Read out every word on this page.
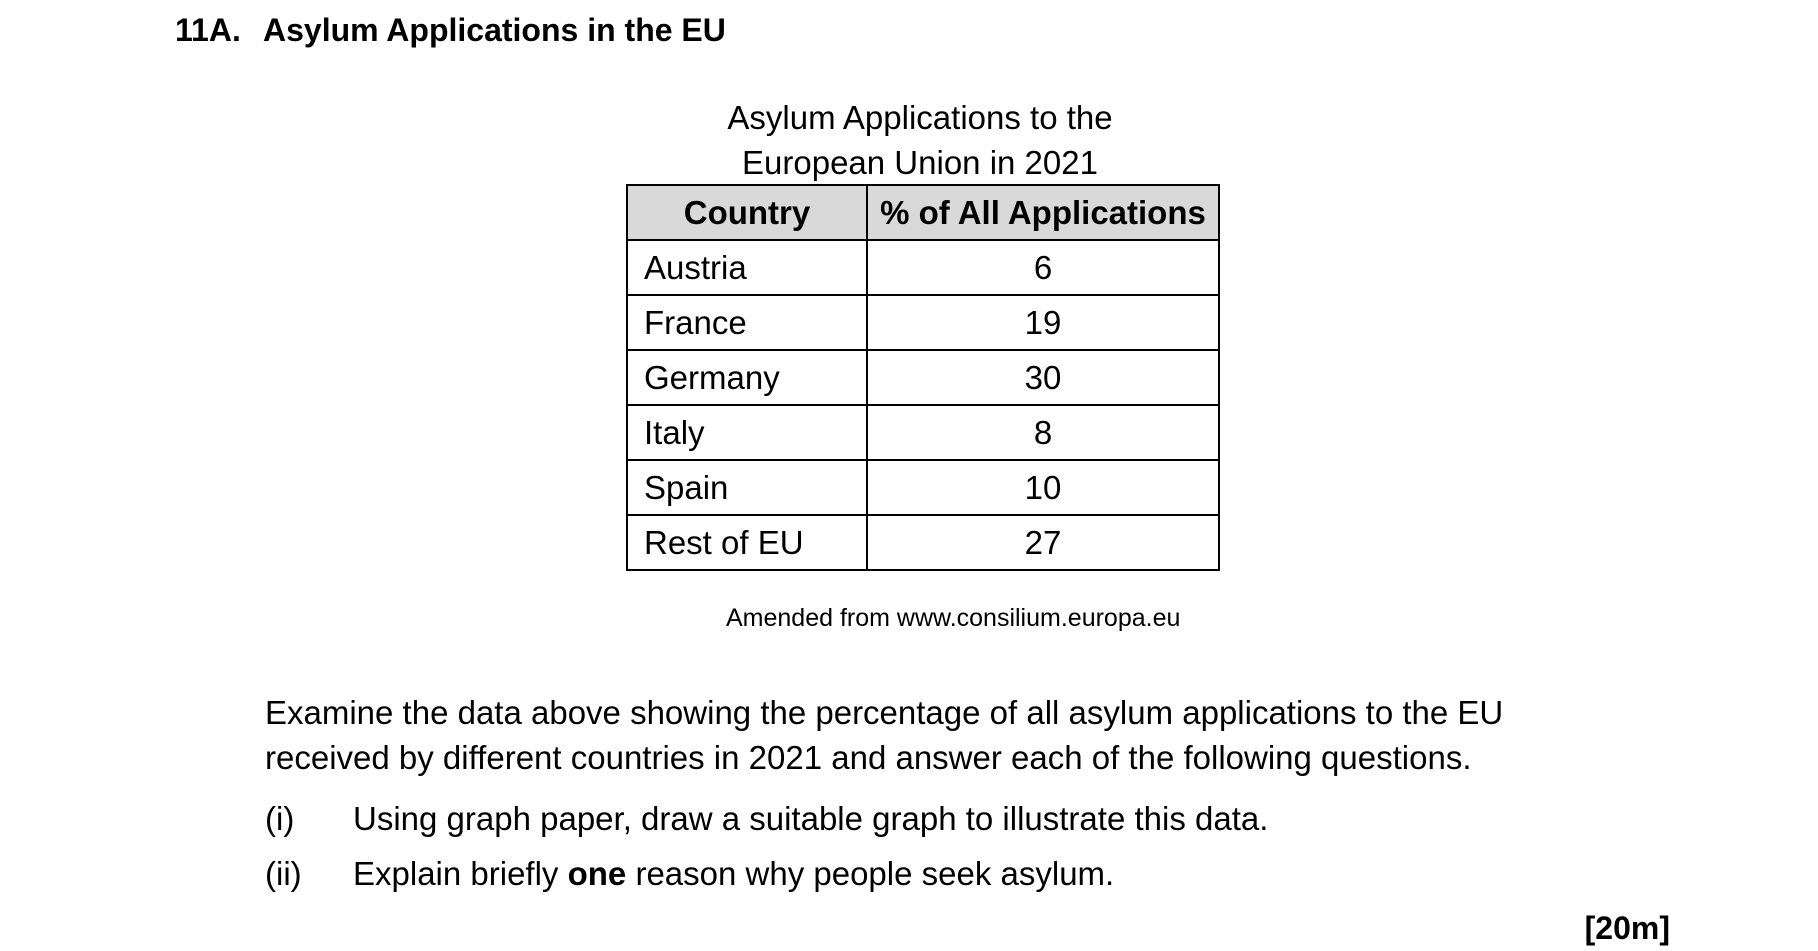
11A. Asylum Applications in the EU
Asylum Applications to the
European Union in 2021
Country	% of All Applications
Austria	6
France	19
Germany	30
Italy	8
Spain	10
Rest of EU	27
Amended from www.consilium.europa.eu
Examine the data above showing the percentage of all asylum applications to the EU
received by different countries in 2021 and answer each of the following questions.
(i) Using graph paper, draw a suitable graph to illustrate this data.
(ii) Explain briefly one reason why people seek asylum.
[20m]
